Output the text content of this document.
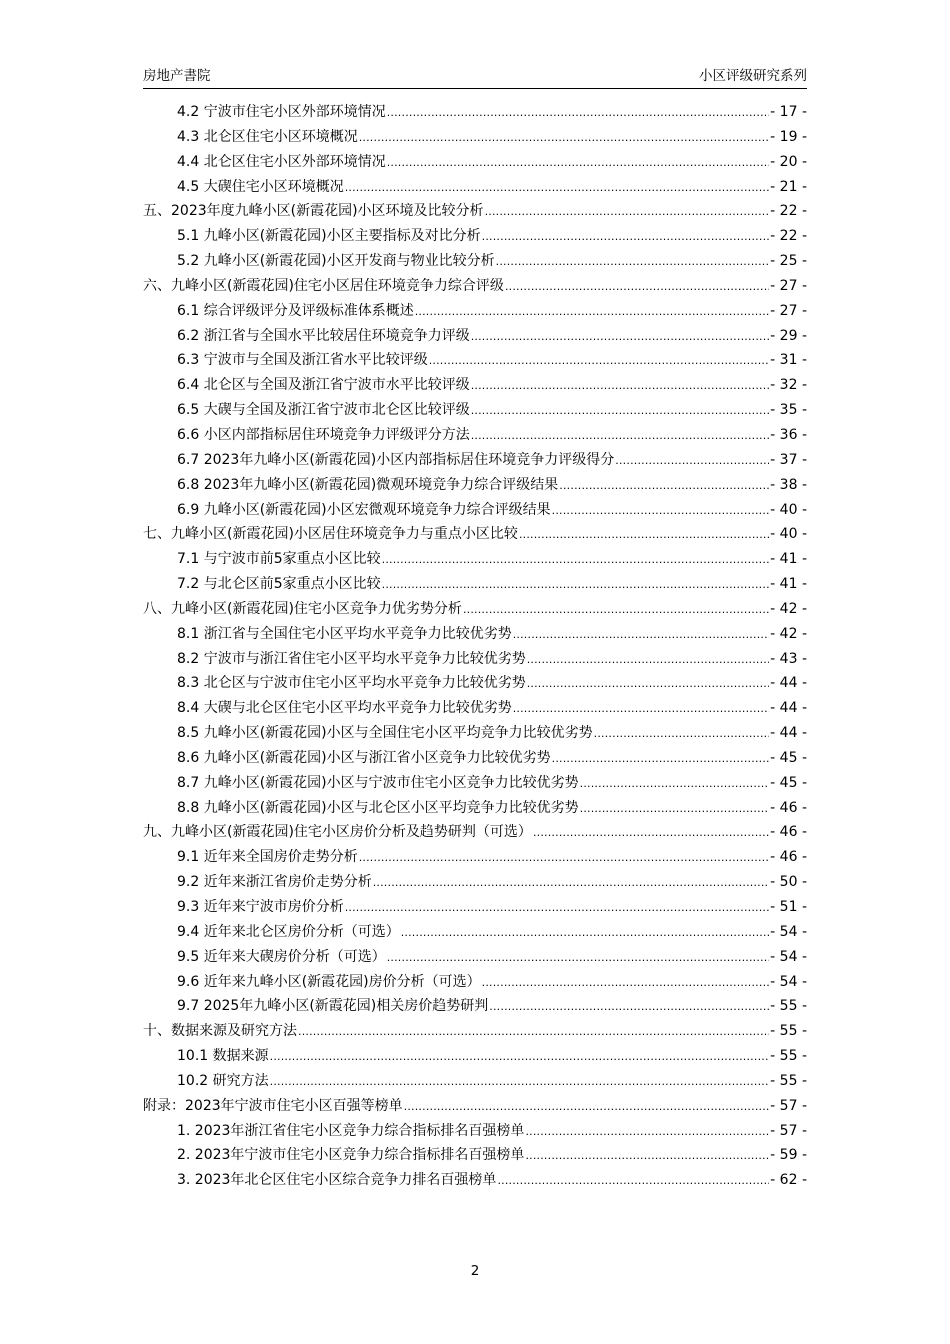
房地产書院	小区评级研究系列
4.2 宁波市住宅小区外部环境情况 .....	- 17 -
4.3 北仑区住宅小区环境概况 .....	- 19 -
4.4 北仑区住宅小区外部环境情况 .....	- 20 -
4.5 大碶住宅小区环境概况 .....	- 21 -
五、2023年度九峰小区(新霞花园)小区环境及比较分析 .....	- 22 -
5.1 九峰小区(新霞花园)小区主要指标及对比分析 .....	- 22 -
5.2 九峰小区(新霞花园)小区开发商与物业比较分析 .....	- 25 -
六、九峰小区(新霞花园)住宅小区居住环境竞争力综合评级 .....	- 27 -
6.1 综合评级评分及评级标准体系概述 .....	- 27 -
6.2 浙江省与全国水平比较居住环境竞争力评级 .....	- 29 -
6.3 宁波市与全国及浙江省水平比较评级 .....	- 31 -
6.4 北仑区与全国及浙江省宁波市水平比较评级 .....	- 32 -
6.5 大碶与全国及浙江省宁波市北仑区比较评级 .....	- 35 -
6.6 小区内部指标居住环境竞争力评级评分方法 .....	- 36 -
6.7 2023年九峰小区(新霞花园)小区内部指标居住环境竞争力评级得分 .....	- 37 -
6.8 2023年九峰小区(新霞花园)微观环境竞争力综合评级结果 .....	- 38 -
6.9 九峰小区(新霞花园)小区宏微观环境竞争力综合评级结果 .....	- 40 -
七、九峰小区(新霞花园)小区居住环境竞争力与重点小区比较 .....	- 40 -
7.1 与宁波市前5家重点小区比较 .....	- 41 -
7.2 与北仑区前5家重点小区比较 .....	- 41 -
八、九峰小区(新霞花园)住宅小区竞争力优劣势分析 .....	- 42 -
8.1 浙江省与全国住宅小区平均水平竞争力比较优劣势 .....	- 42 -
8.2 宁波市与浙江省住宅小区平均水平竞争力比较优劣势 .....	- 43 -
8.3 北仑区与宁波市住宅小区平均水平竞争力比较优劣势 .....	- 44 -
8.4 大碶与北仑区住宅小区平均水平竞争力比较优劣势 .....	- 44 -
8.5 九峰小区(新霞花园)小区与全国住宅小区平均竞争力比较优劣势 .....	- 44 -
8.6 九峰小区(新霞花园)小区与浙江省小区竞争力比较优劣势 .....	- 45 -
8.7 九峰小区(新霞花园)小区与宁波市住宅小区竞争力比较优劣势 .....	- 45 -
8.8 九峰小区(新霞花园)小区与北仑区小区平均竞争力比较优劣势 .....	- 46 -
九、九峰小区(新霞花园)住宅小区房价分析及趋势研判（可选） .....	- 46 -
9.1 近年来全国房价走势分析 .....	- 46 -
9.2 近年来浙江省房价走势分析 .....	- 50 -
9.3 近年来宁波市房价分析 .....	- 51 -
9.4 近年来北仑区房价分析（可选） .....	- 54 -
9.5 近年来大碶房价分析（可选） .....	- 54 -
9.6 近年来九峰小区(新霞花园)房价分析（可选） .....	- 54 -
9.7 2025年九峰小区(新霞花园)相关房价趋势研判 .....	- 55 -
十、数据来源及研究方法 .....	- 55 -
10.1 数据来源 .....	- 55 -
10.2 研究方法 .....	- 55 -
附录：2023年宁波市住宅小区百强等榜单 .....	- 57 -
1. 2023年浙江省住宅小区竞争力综合指标排名百强榜单 .....	- 57 -
2. 2023年宁波市住宅小区竞争力综合指标排名百强榜单 .....	- 59 -
3. 2023年北仑区住宅小区综合竞争力排名百强榜单 .....	- 62 -
2
